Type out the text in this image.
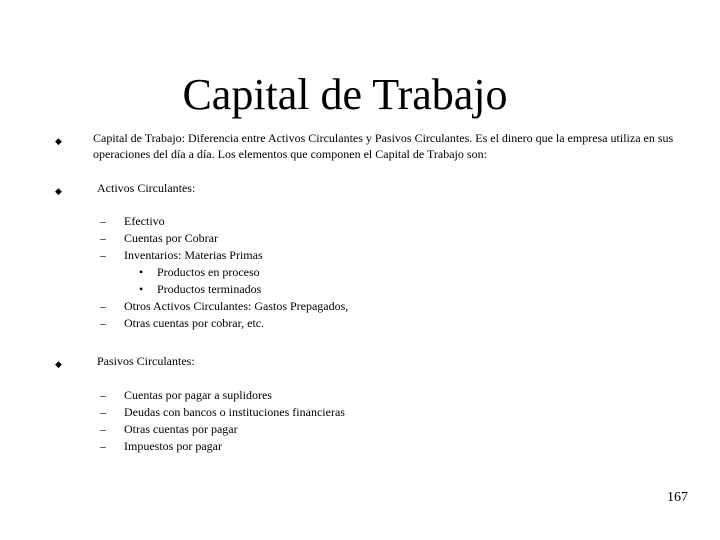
Capital de Trabajo
◆	Capital de Trabajo: Diferencia entre Activos Circulantes y Pasivos Circulantes. Es el dinero que la empresa utiliza en sus operaciones del día a día. Los elementos que componen el Capital de Trabajo son:
◆	Activos Circulantes:
– Efectivo
– Cuentas por Cobrar
– Inventarios: Materias Primas
• Productos en proceso
• Productos terminados
– Otros Activos Circulantes: Gastos Prepagados,
– Otras cuentas por cobrar, etc.
◆	Pasivos Circulantes:
– Cuentas por pagar a suplidores
– Deudas con bancos o instituciones financieras
– Otras cuentas por pagar
– Impuestos por pagar
167
